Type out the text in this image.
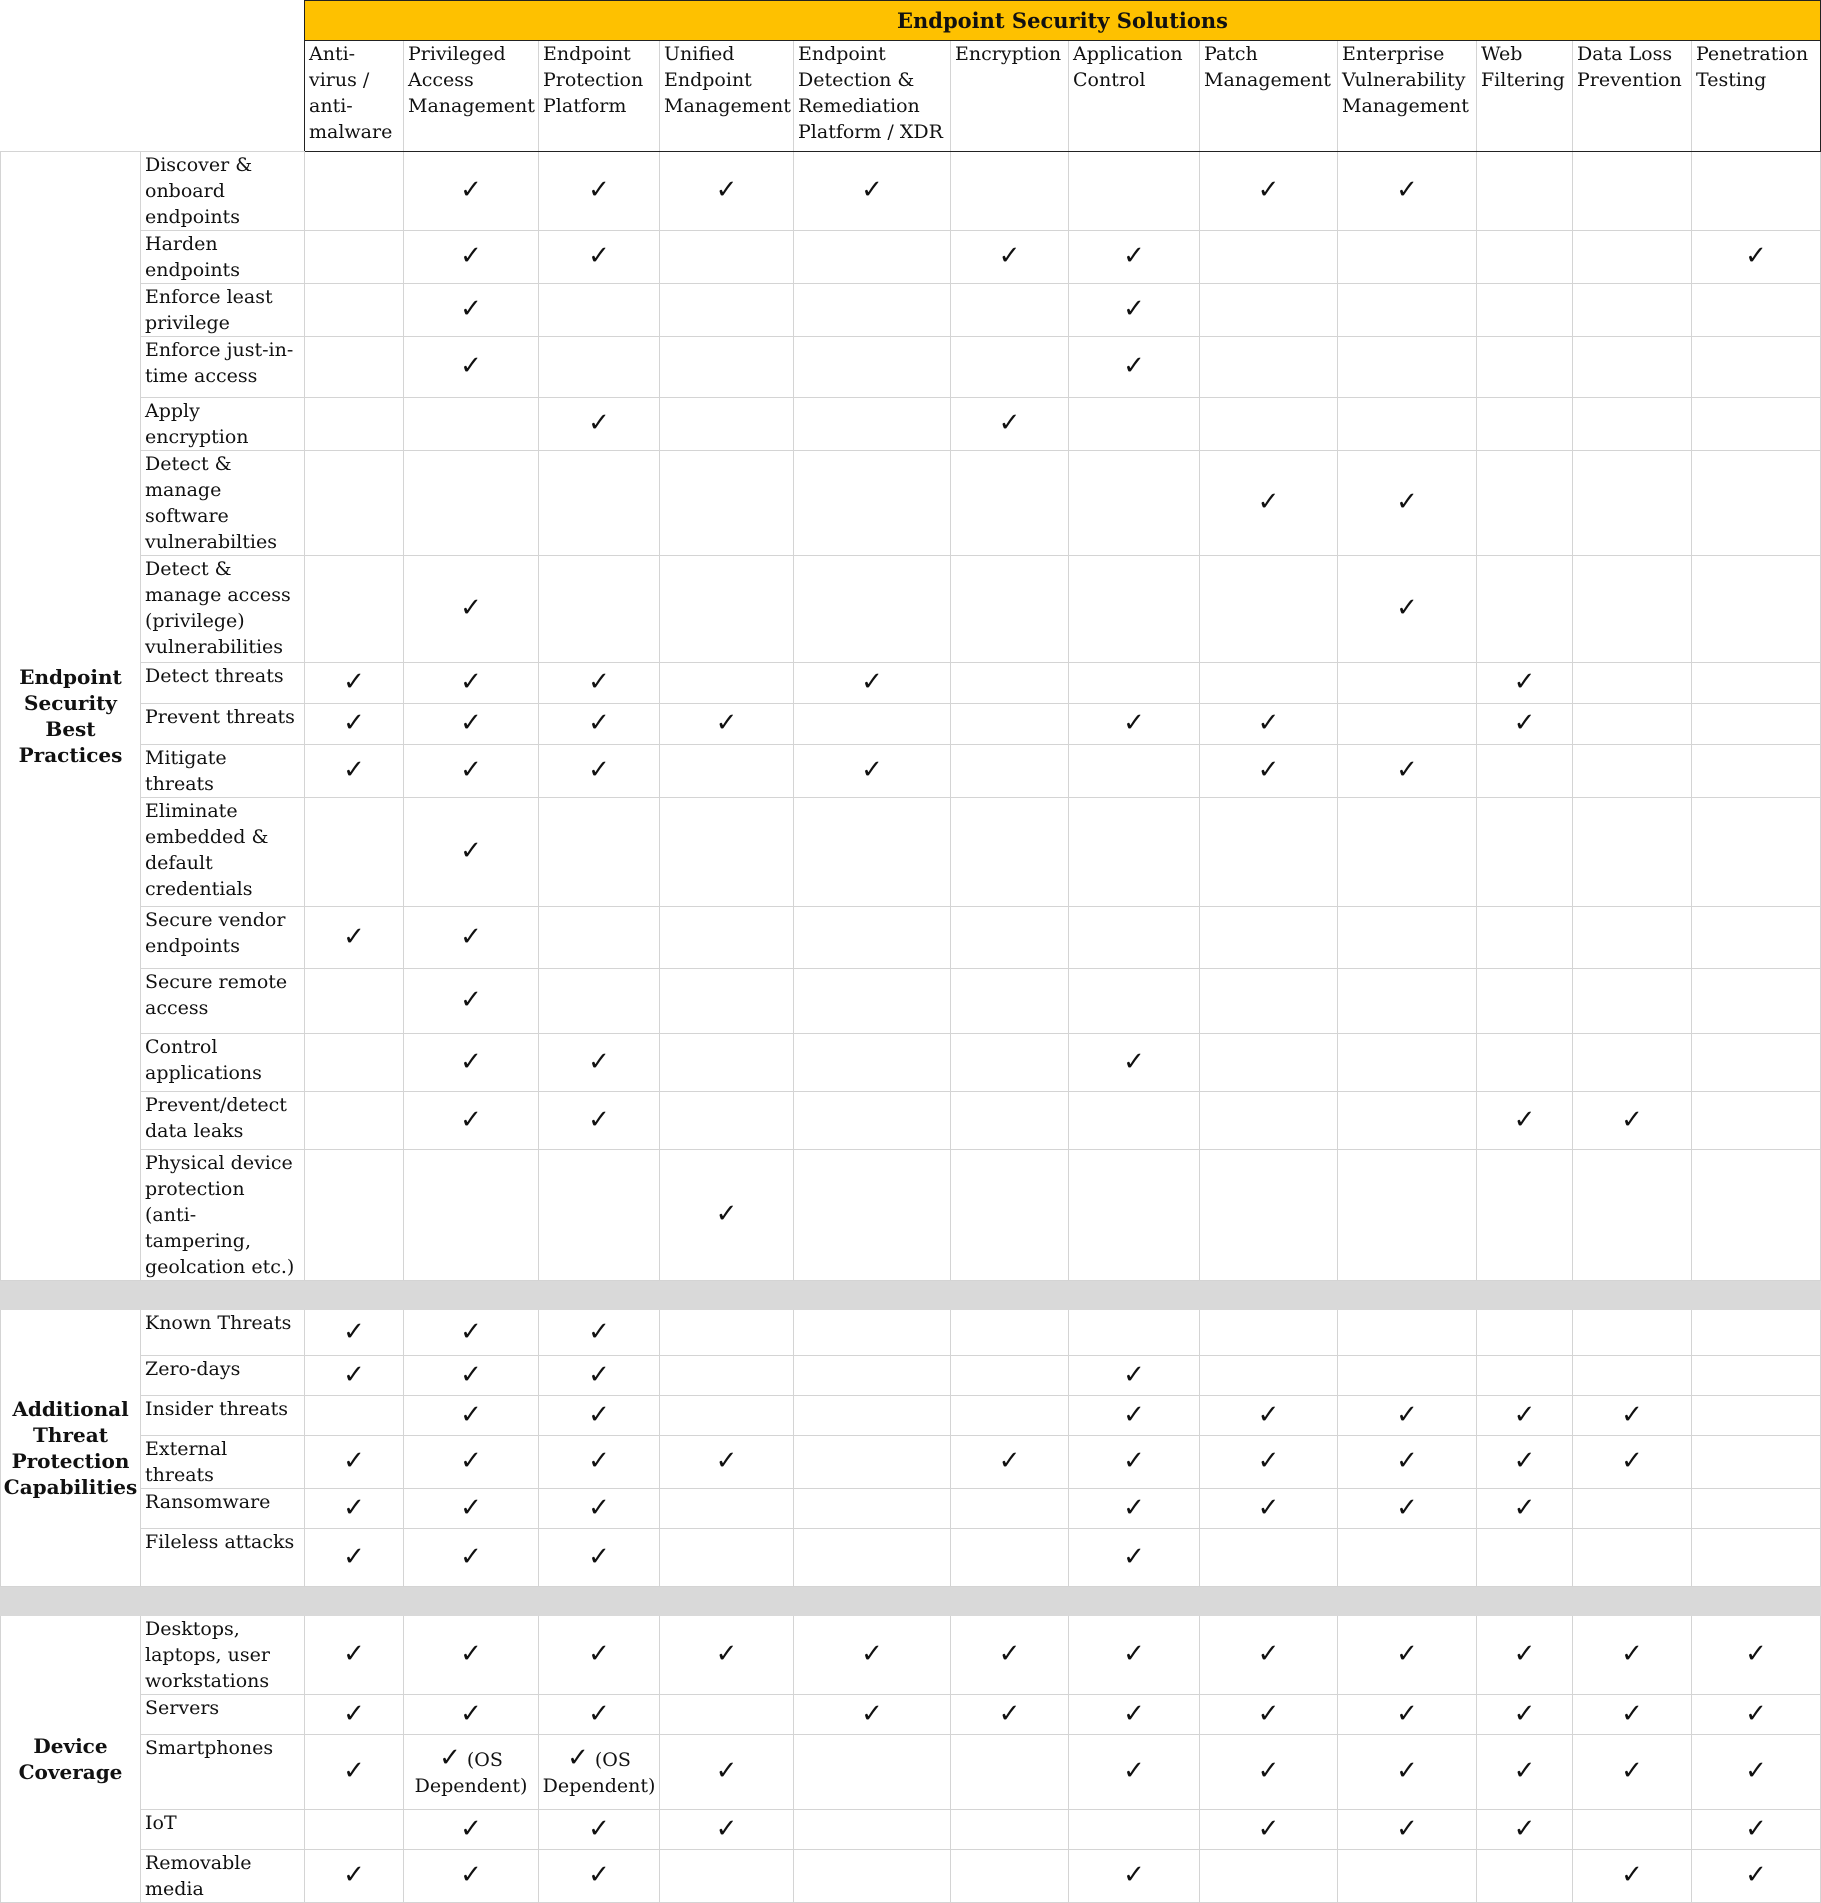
		Endpoint Security Solutions											
		Anti-virus / anti-malware	Privileged Access Management	Endpoint Protection Platform	Unified Endpoint Management	Endpoint Detection & Remediation Platform / XDR	Encryption	Application Control	Patch Management	Enterprise Vulnerability Management	Web Filtering	Data Loss Prevention	Penetration Testing
Endpoint Security Best Practices	Discover & onboard endpoints		✓	✓	✓	✓			✓	✓			
	Harden endpoints		✓	✓			✓	✓					✓
	Enforce least privilege		✓					✓					
	Enforce just-in-time access		✓					✓					
	Apply encryption			✓			✓						
	Detect & manage software vulnerabilties								✓	✓			
	Detect & manage access (privilege) vulnerabilities		✓							✓			
	Detect threats	✓	✓	✓		✓					✓		
	Prevent threats	✓	✓	✓	✓			✓	✓		✓		
	Mitigate threats	✓	✓	✓		✓			✓	✓			
	Eliminate embedded & default credentials		✓										
	Secure vendor endpoints	✓	✓										
	Secure remote access		✓										
	Control applications		✓	✓				✓					
	Prevent/detect data leaks		✓	✓							✓	✓	
	Physical device protection (anti-tampering, geolcation etc.)				✓								

Additional Threat Protection Capabilities	Known Threats	✓	✓	✓									
	Zero-days	✓	✓	✓				✓					
	Insider threats		✓	✓				✓	✓	✓	✓	✓	
	External threats	✓	✓	✓	✓		✓	✓	✓	✓	✓	✓	
	Ransomware	✓	✓	✓				✓	✓	✓	✓		
	Fileless attacks	✓	✓	✓				✓					

Device Coverage	Desktops, laptops, user workstations	✓	✓	✓	✓	✓	✓	✓	✓	✓	✓	✓	✓
	Servers	✓	✓	✓		✓	✓	✓	✓	✓	✓	✓	✓
	Smartphones	✓	✓ (OS Dependent)	✓ (OS Dependent)	✓			✓	✓	✓	✓	✓	✓
	IoT		✓	✓	✓				✓	✓	✓		✓
	Removable media	✓	✓	✓				✓				✓	✓
